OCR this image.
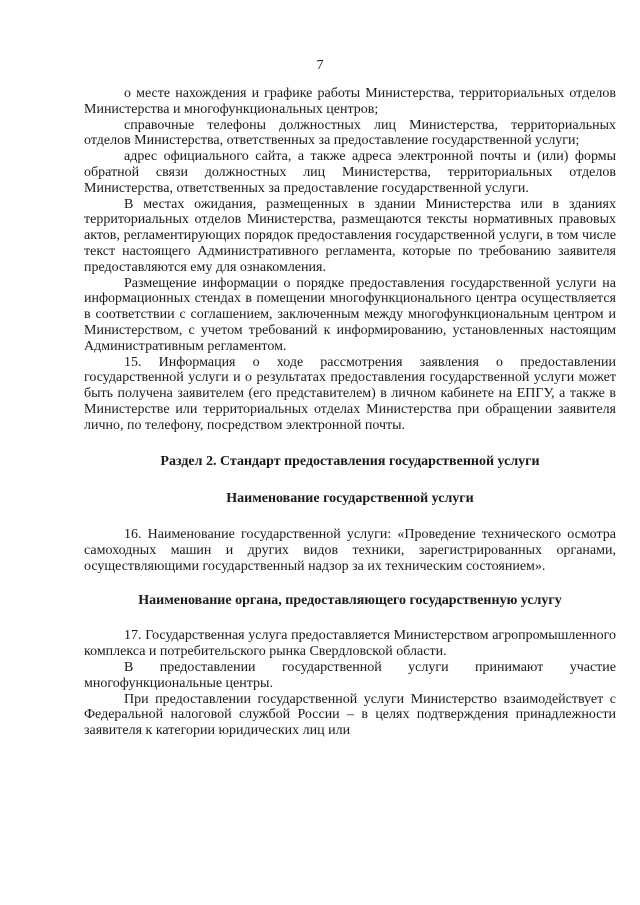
7

о месте нахождения и графике работы Министерства, территориальных отделов Министерства и многофункциональных центров;

справочные телефоны должностных лиц Министерства, территориальных отделов Министерства, ответственных за предоставление государственной услуги;

адрес официального сайта, а также адреса электронной почты и (или) формы обратной связи должностных лиц Министерства, территориальных отделов Министерства, ответственных за предоставление государственной услуги.

В местах ожидания, размещенных в здании Министерства или в зданиях территориальных отделов Министерства, размещаются тексты нормативных правовых актов, регламентирующих порядок предоставления государственной услуги, в том числе текст настоящего Административного регламента, которые по требованию заявителя предоставляются ему для ознакомления.

Размещение информации о порядке предоставления государственной услуги на информационных стендах в помещении многофункционального центра осуществляется в соответствии с соглашением, заключенным между многофункциональным центром и Министерством, с учетом требований к информированию, установленных настоящим Административным регламентом.

15. Информация о ходе рассмотрения заявления о предоставлении государственной услуги и о результатах предоставления государственной услуги может быть получена заявителем (его представителем) в личном кабинете на ЕПГУ, а также в Министерстве или территориальных отделах Министерства при обращении заявителя лично, по телефону, посредством электронной почты.

Раздел 2. Стандарт предоставления государственной услуги

Наименование государственной услуги

16. Наименование государственной услуги: «Проведение технического осмотра самоходных машин и других видов техники, зарегистрированных органами, осуществляющими государственный надзор за их техническим состоянием».

Наименование органа, предоставляющего государственную услугу

17. Государственная услуга предоставляется Министерством агропромышленного комплекса и потребительского рынка Свердловской области.

В предоставлении государственной услуги принимают участие многофункциональные центры.

При предоставлении государственной услуги Министерство взаимодействует с Федеральной налоговой службой России – в целях подтверждения принадлежности заявителя к категории юридических лиц или
